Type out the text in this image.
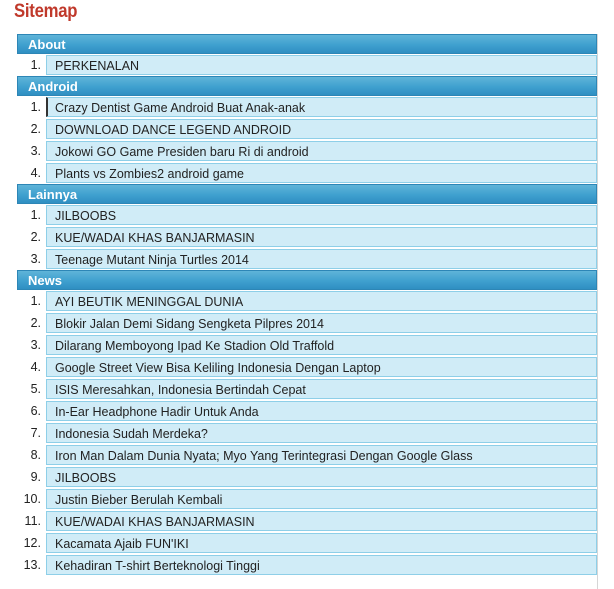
Sitemap
About
1.	PERKENALAN
Android
1.	Crazy Dentist Game Android Buat Anak-anak
2.	DOWNLOAD DANCE LEGEND ANDROID
3.	Jokowi GO Game Presiden baru Ri di android
4.	Plants vs Zombies2 android game
Lainnya
1.	JILBOOBS
2.	KUE/WADAI KHAS BANJARMASIN
3.	Teenage Mutant Ninja Turtles 2014
News
1.	AYI BEUTIK MENINGGAL DUNIA
2.	Blokir Jalan Demi Sidang Sengketa Pilpres 2014
3.	Dilarang Memboyong Ipad Ke Stadion Old Traffold
4.	Google Street View Bisa Keliling Indonesia Dengan Laptop
5.	ISIS Meresahkan, Indonesia Bertindah Cepat
6.	In-Ear Headphone Hadir Untuk Anda
7.	Indonesia Sudah Merdeka?
8.	Iron Man Dalam Dunia Nyata; Myo Yang Terintegrasi Dengan Google Glass
9.	JILBOOBS
10.	Justin Bieber Berulah Kembali
11.	KUE/WADAI KHAS BANJARMASIN
12.	Kacamata Ajaib FUN'IKI
13.	Kehadiran T-shirt Berteknologi Tinggi
